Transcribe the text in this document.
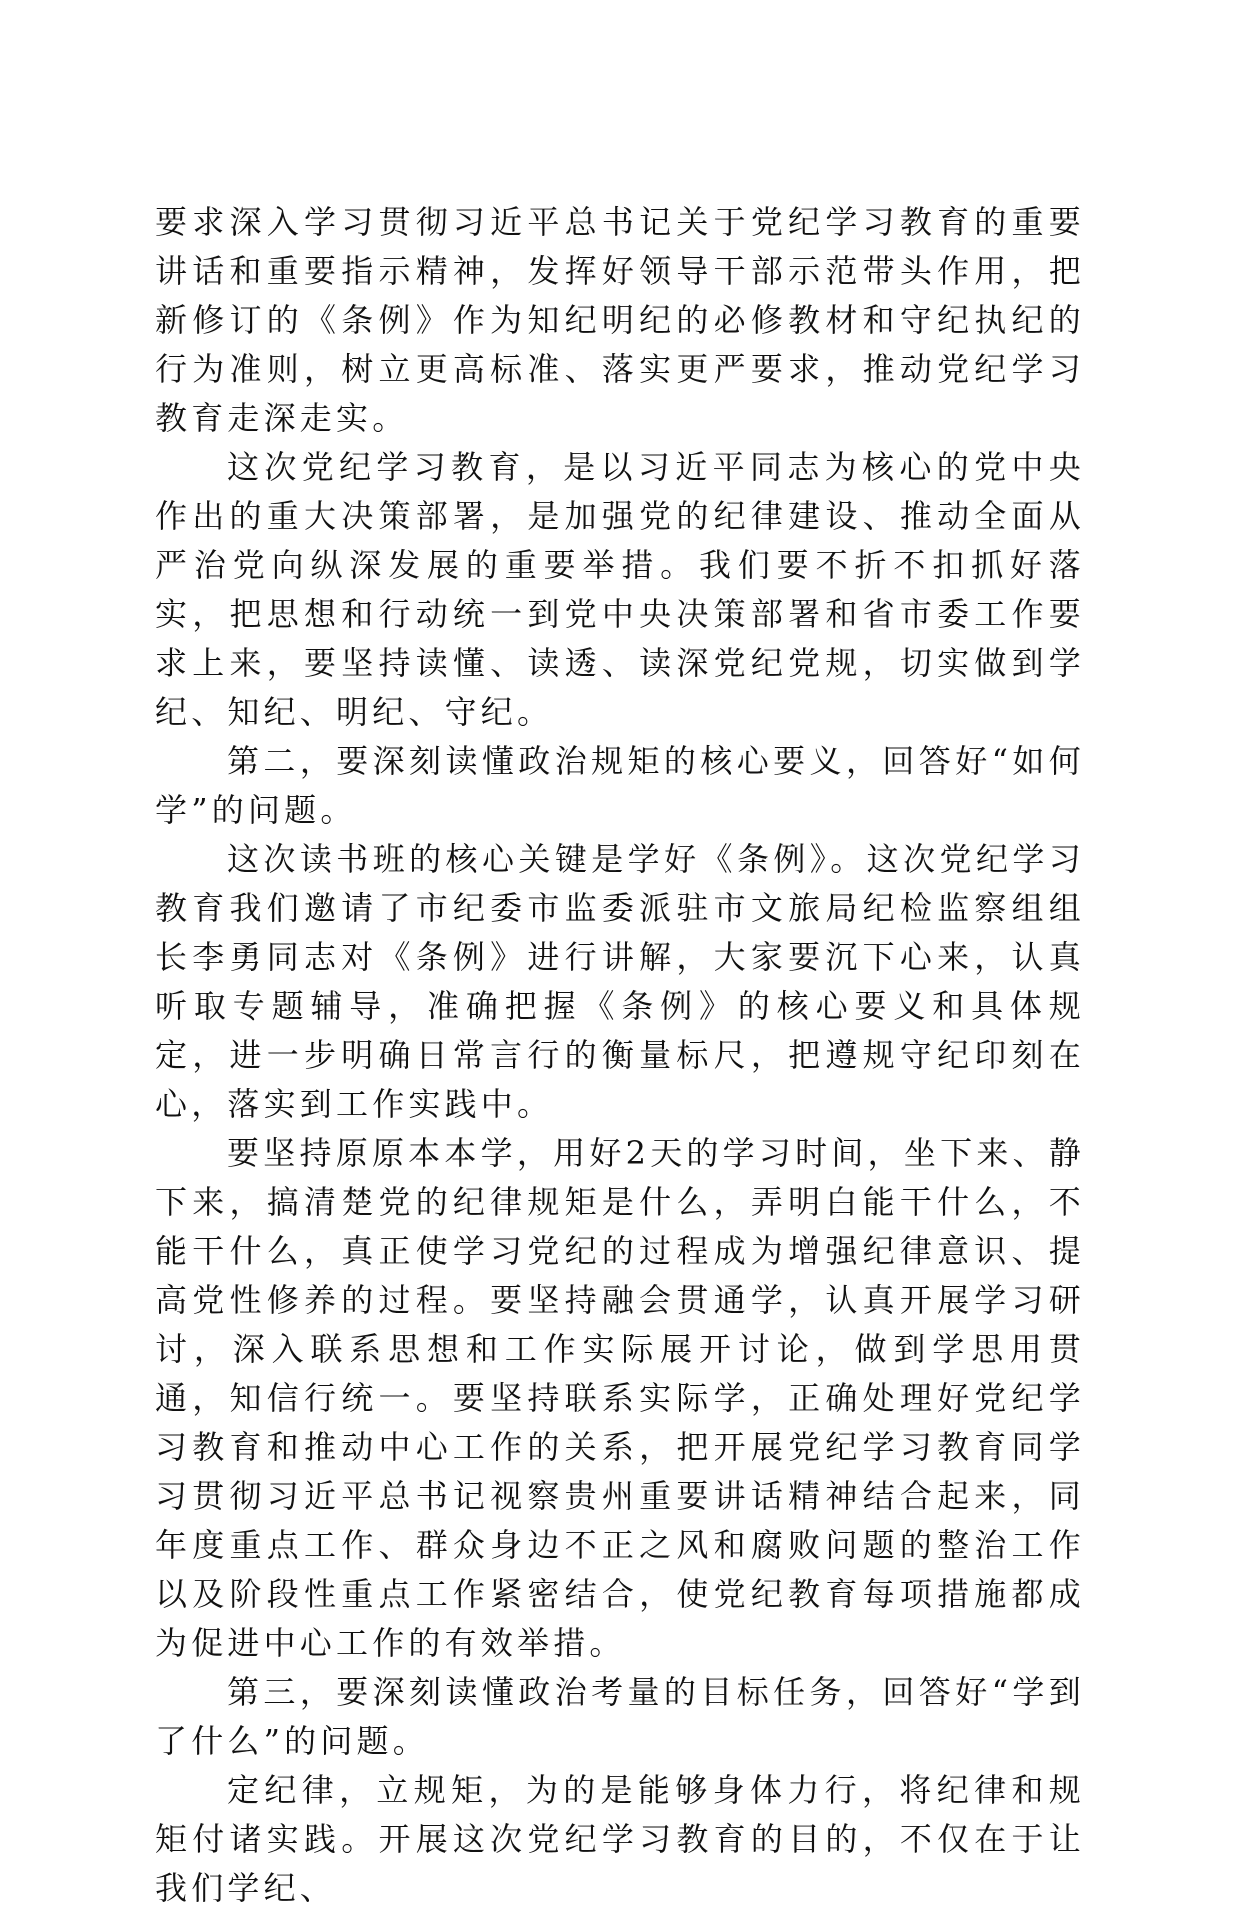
要求深入学习贯彻习近平总书记关于党纪学习教育的重要讲话和重要指示精神，发挥好领导干部示范带头作用，把新修订的《条例》作为知纪明纪的必修教材和守纪执纪的行为准则，树立更高标准、落实更严要求，推动党纪学习教育走深走实。

这次党纪学习教育，是以习近平同志为核心的党中央作出的重大决策部署，是加强党的纪律建设、推动全面从严治党向纵深发展的重要举措。我们要不折不扣抓好落实，把思想和行动统一到党中央决策部署和省市委工作要求上来，要坚持读懂、读透、读深党纪党规，切实做到学纪、知纪、明纪、守纪。

第二，要深刻读懂政治规矩的核心要义，回答好“如何学”的问题。

这次读书班的核心关键是学好《条例》。这次党纪学习教育我们邀请了市纪委市监委派驻市文旅局纪检监察组组长李勇同志对《条例》进行讲解，大家要沉下心来，认真听取专题辅导，准确把握《条例》的核心要义和具体规定，进一步明确日常言行的衡量标尺，把遵规守纪印刻在心，落实到工作实践中。

要坚持原原本本学，用好2天的学习时间，坐下来、静下来，搞清楚党的纪律规矩是什么，弄明白能干什么，不能干什么，真正使学习党纪的过程成为增强纪律意识、提高党性修养的过程。要坚持融会贯通学，认真开展学习研讨，深入联系思想和工作实际展开讨论，做到学思用贯通，知信行统一。要坚持联系实际学，正确处理好党纪学习教育和推动中心工作的关系，把开展党纪学习教育同学习贯彻习近平总书记视察贵州重要讲话精神结合起来，同年度重点工作、群众身边不正之风和腐败问题的整治工作以及阶段性重点工作紧密结合，使党纪教育每项措施都成为促进中心工作的有效举措。

第三，要深刻读懂政治考量的目标任务，回答好“学到了什么”的问题。

定纪律，立规矩，为的是能够身体力行，将纪律和规矩付诸实践。开展这次党纪学习教育的目的，不仅在于让我们学纪、
